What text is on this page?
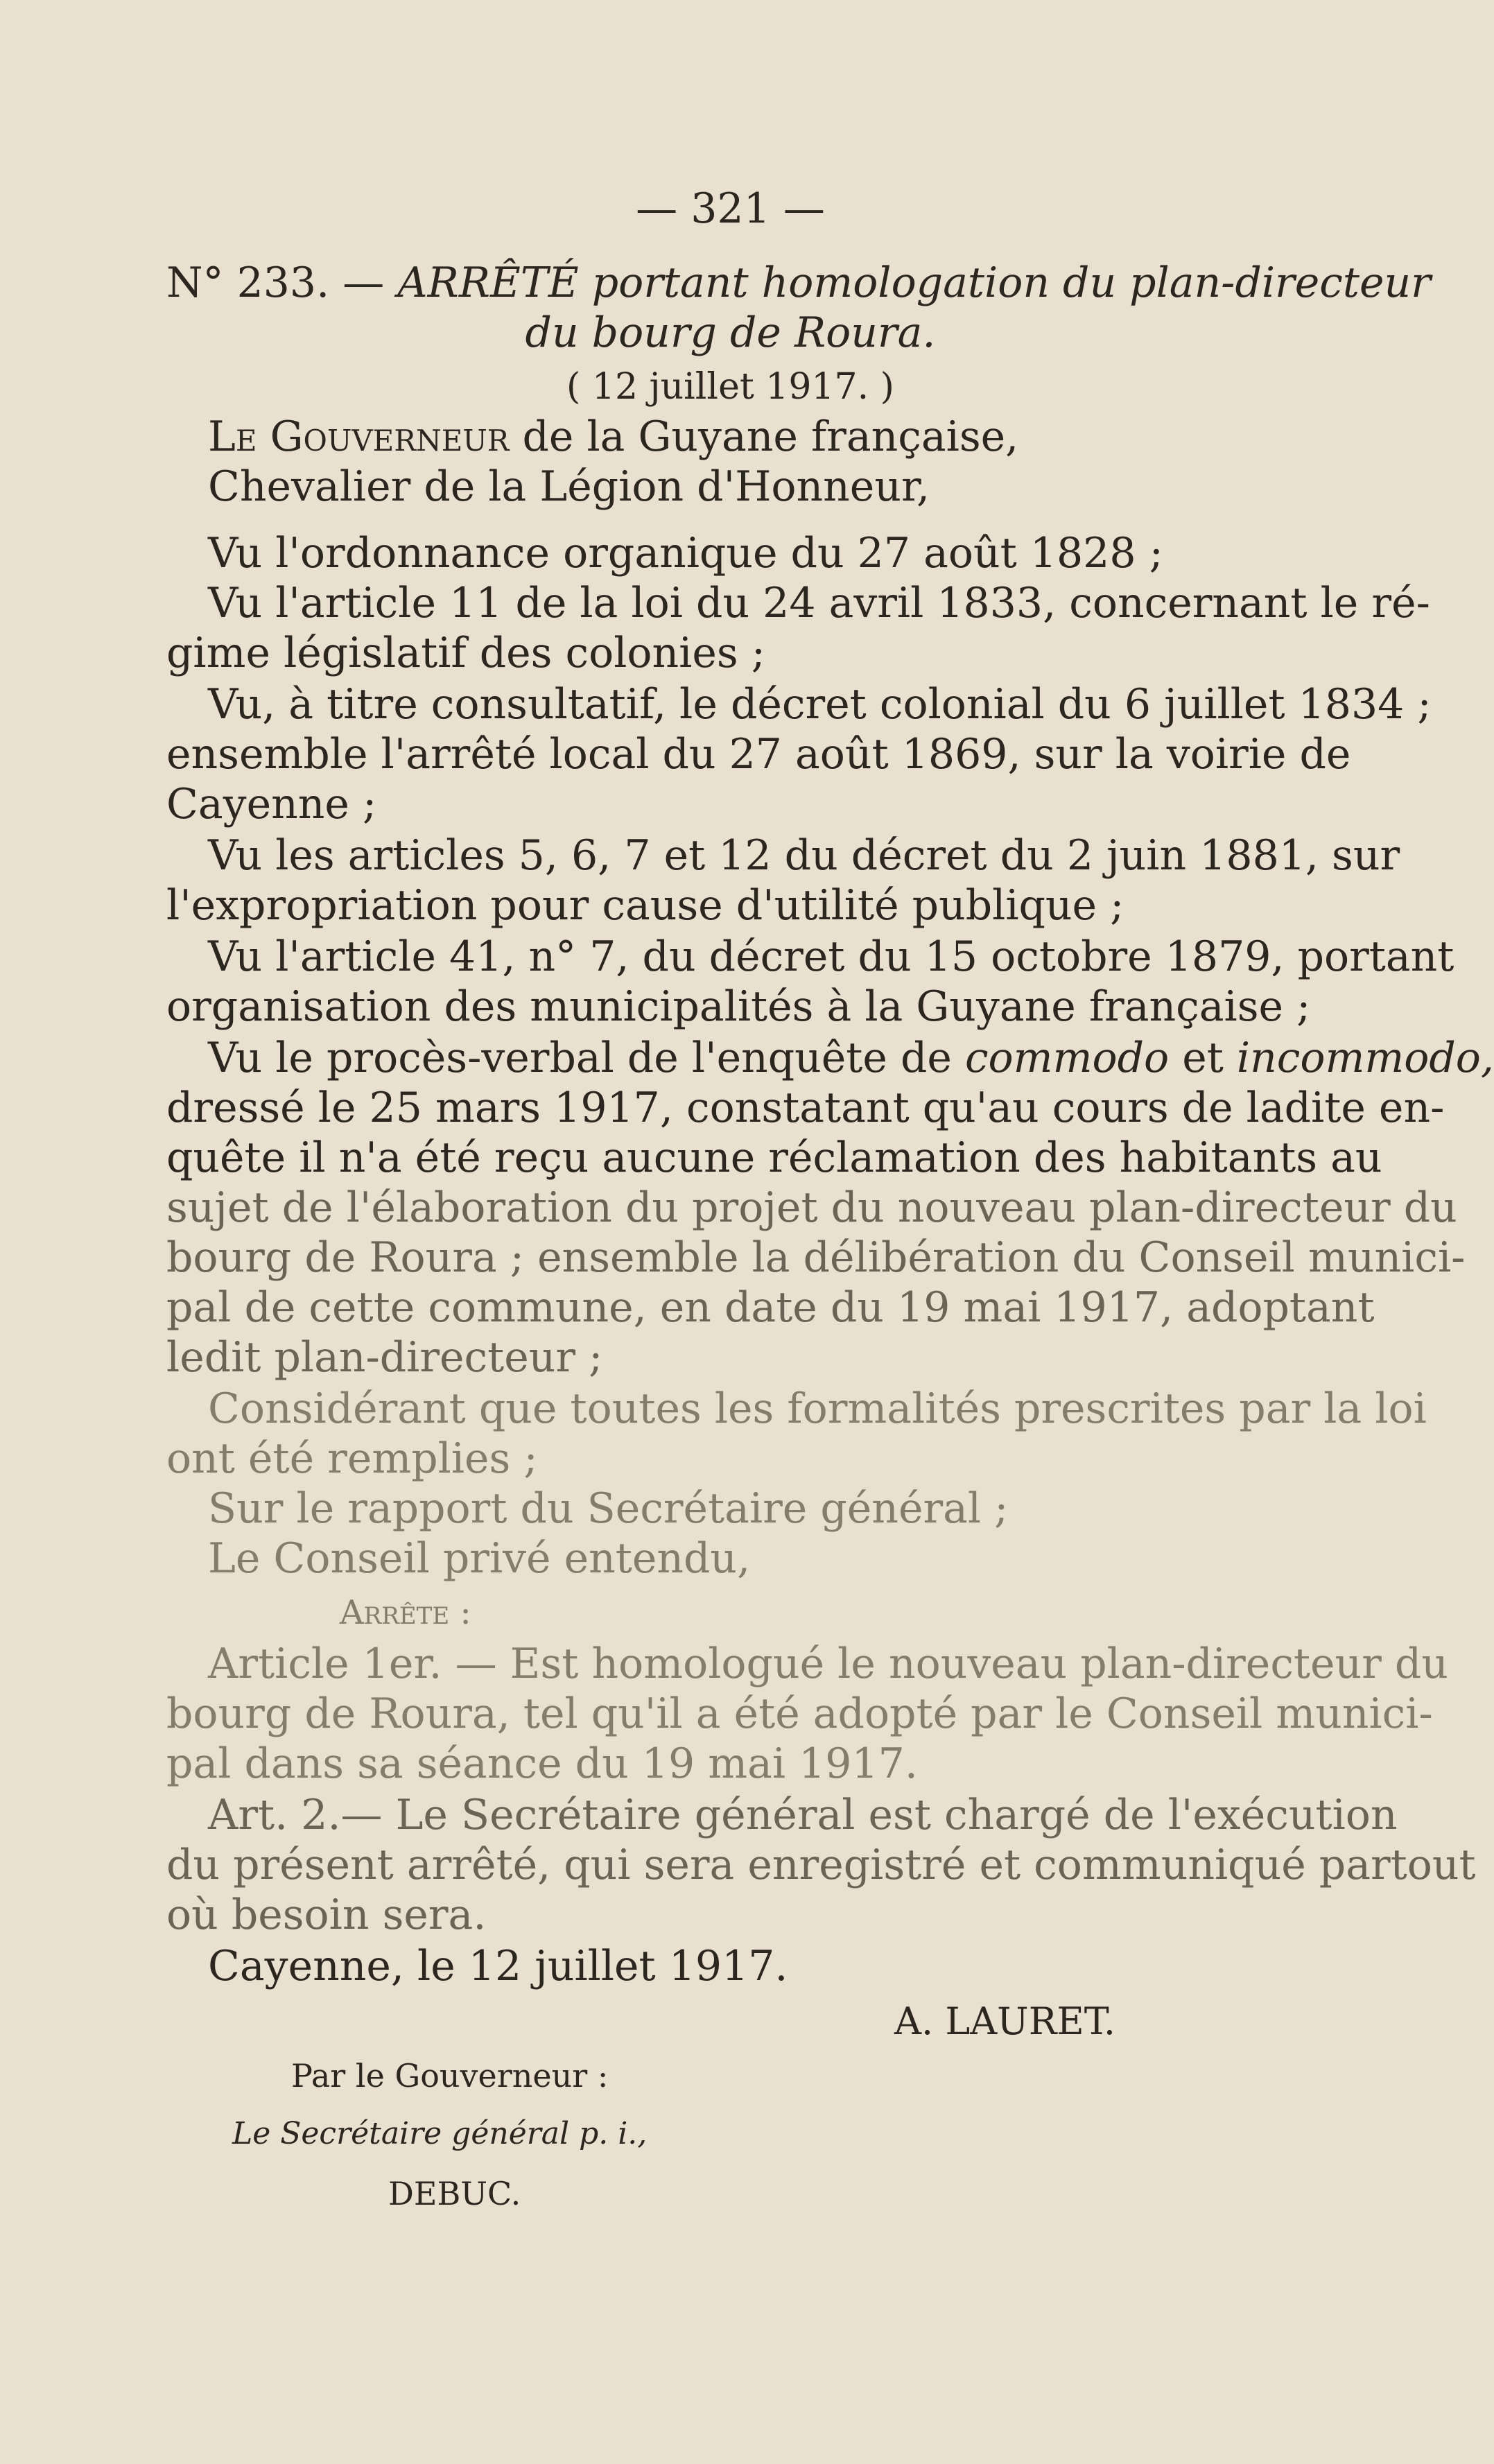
— 321 —
N° 233. — ARRÊTÉ portant homologation du plan-directeur
du bourg de Roura.
( 12 juillet 1917. )
Le Gouverneur de la Guyane française,
Chevalier de la Légion d'Honneur,
Vu l'ordonnance organique du 27 août 1828 ;
Vu l'article 11 de la loi du 24 avril 1833, concernant le ré-
gime législatif des colonies ;
Vu, à titre consultatif, le décret colonial du 6 juillet 1834 ;
ensemble l'arrêté local du 27 août 1869, sur la voirie de
Cayenne ;
Vu les articles 5, 6, 7 et 12 du décret du 2 juin 1881, sur
l'expropriation pour cause d'utilité publique ;
Vu l'article 41, n° 7, du décret du 15 octobre 1879, portant
organisation des municipalités à la Guyane française ;
Vu le procès-verbal de l'enquête de commodo et incommodo,
dressé le 25 mars 1917, constatant qu'au cours de ladite en-
quête il n'a été reçu aucune réclamation des habitants au
sujet de l'élaboration du projet du nouveau plan-directeur du
bourg de Roura ; ensemble la délibération du Conseil munici-
pal de cette commune, en date du 19 mai 1917, adoptant
ledit plan-directeur ;
Considérant que toutes les formalités prescrites par la loi
ont été remplies ;
Sur le rapport du Secrétaire général ;
Le Conseil privé entendu,
Arrête :
Article 1er. — Est homologué le nouveau plan-directeur du
bourg de Roura, tel qu'il a été adopté par le Conseil munici-
pal dans sa séance du 19 mai 1917.
Art. 2.— Le Secrétaire général est chargé de l'exécution
du présent arrêté, qui sera enregistré et communiqué partout
où besoin sera.
Cayenne, le 12 juillet 1917.
A. LAURET.
Par le Gouverneur :
Le Secrétaire général p. i.,
DEBUC.
